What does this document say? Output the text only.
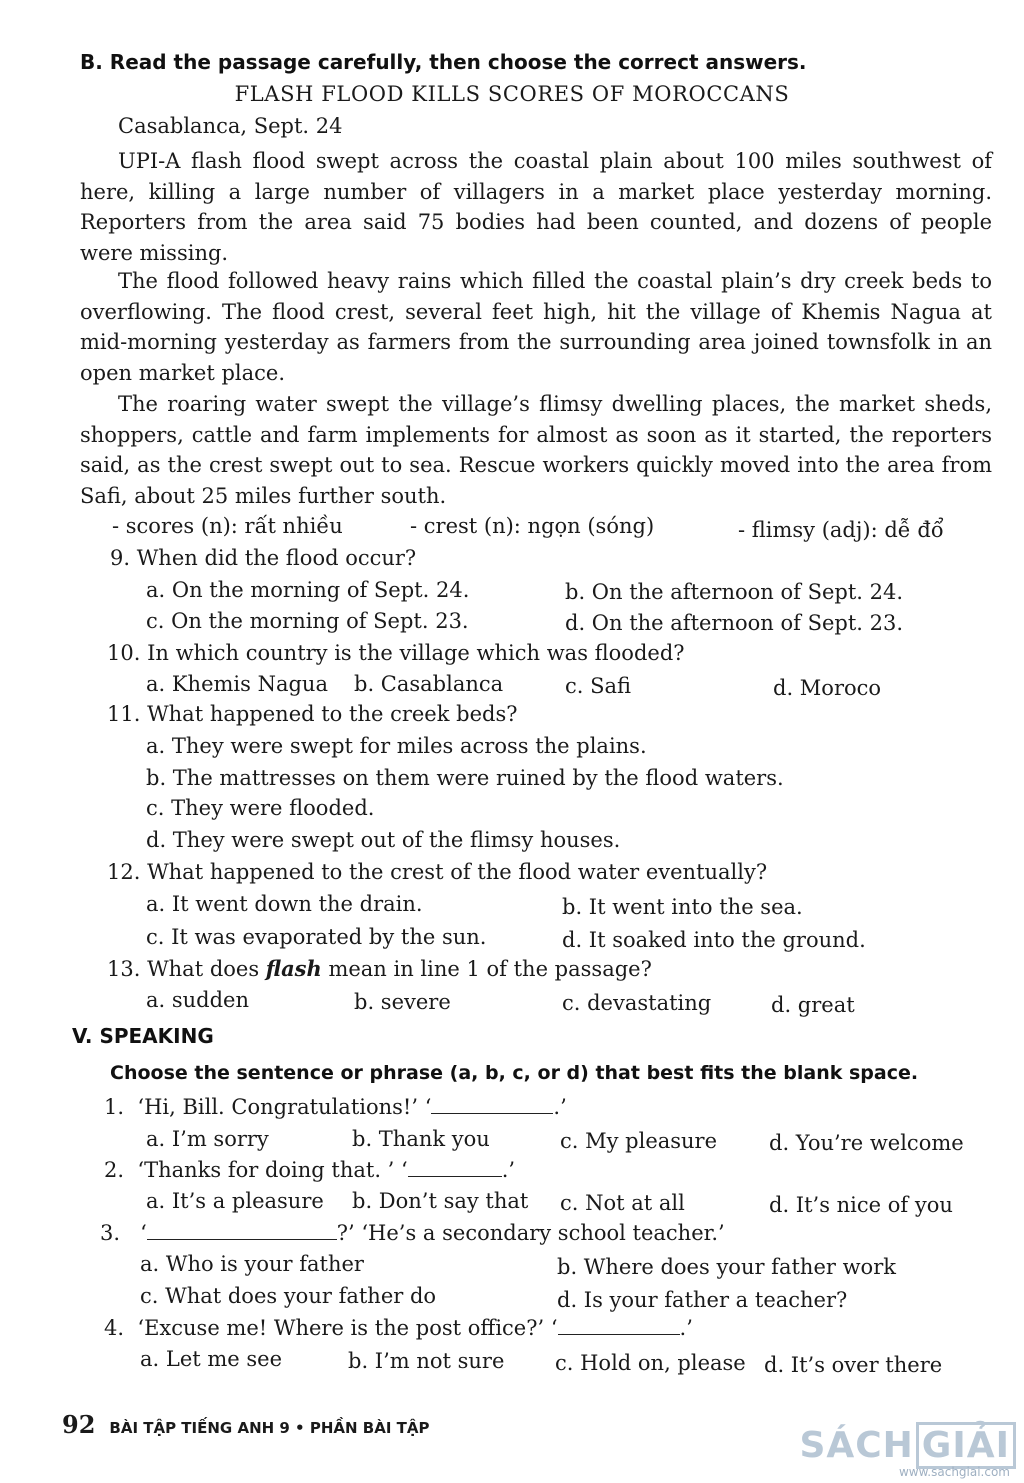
B. Read the passage carefully, then choose the correct answers.
FLASH FLOOD KILLS SCORES OF MOROCCANS
Casablanca, Sept. 24
UPI-A flash flood swept across the coastal plain about 100 miles southwest of here, killing a large number of villagers in a market place yesterday morning. Reporters from the area said 75 bodies had been counted, and dozens of people were missing.
The flood followed heavy rains which filled the coastal plain’s dry creek beds to overflowing. The flood crest, several feet high, hit the village of Khemis Nagua at mid-morning yesterday as farmers from the surrounding area joined townsfolk in an open market place.
The roaring water swept the village’s flimsy dwelling places, the market sheds, shoppers, cattle and farm implements for almost as soon as it started, the reporters said, as the crest swept out to sea. Rescue workers quickly moved into the area from Safi, about 25 miles further south.
- scores (n): rất nhiều	- crest (n): ngọn (sóng)	- flimsy (adj): dễ đổ
9. When did the flood occur?
a. On the morning of Sept. 24.	b. On the afternoon of Sept. 24.
c. On the morning of Sept. 23.	d. On the afternoon of Sept. 23.
10. In which country is the village which was flooded?
a. Khemis Nagua b. Casablanca	c. Safi	d. Moroco
11. What happened to the creek beds?
a. They were swept for miles across the plains.
b. The mattresses on them were ruined by the flood waters.
c. They were flooded.
d. They were swept out of the flimsy houses.
12. What happened to the crest of the flood water eventually?
a. It went down the drain.	b. It went into the sea.
c. It was evaporated by the sun.	d. It soaked into the ground.
13. What does flash mean in line 1 of the passage?
a. sudden	b. severe	c. devastating	d. great
V. SPEAKING
Choose the sentence or phrase (a, b, c, or d) that best fits the blank space.
1. ‘Hi, Bill. Congratulations!’ ‘	.’
a. I’m sorry	b. Thank you	c. My pleasure d. You’re welcome
2. ‘Thanks for doing that. ’ ‘	.’
a. It’s a pleasure b. Don’t say that c. Not at all	d. It’s nice of you
3. ‘	?’ ‘He’s a secondary school teacher.’
a. Who is your father	b. Where does your father work
c. What does your father do	d. Is your father a teacher?
4. ‘Excuse me! Where is the post office?’ ‘	.’
a. Let me see	b. I’m not sure c. Hold on, please d. It’s over there
92 BÀI TẬP TIẾNG ANH 9 • PHẦN BÀI TẬP	SÁCH GIẢI
www.sachgiai.com
